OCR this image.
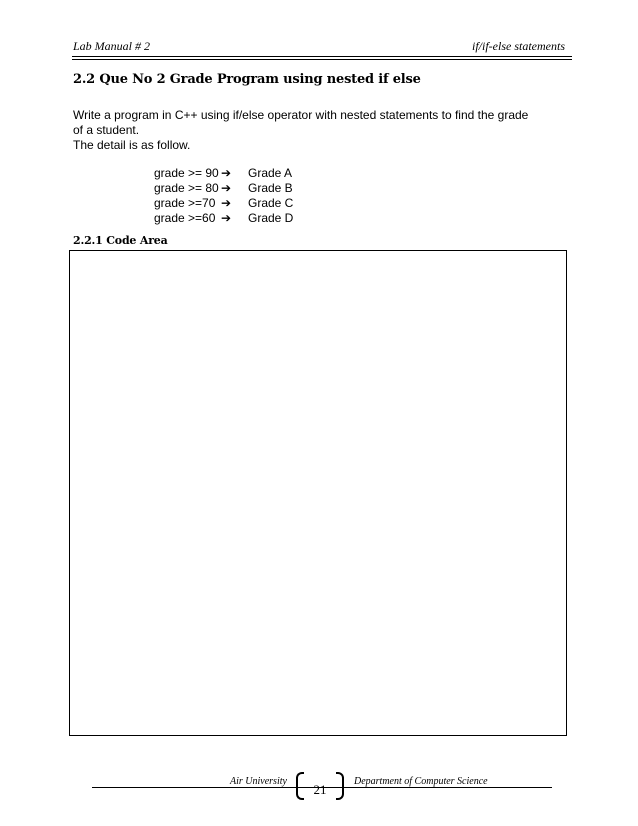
Lab Manual # 2	if/if-else statements
2.2 Que No 2 Grade Program using nested if else
Write a program in C++ using if/else operator with nested statements to find the grade
of a student.
The detail is as follow.
grade >= 90 ➔	Grade A
grade >= 80 ➔	Grade B
grade >=70 ➔	Grade C
grade >=60 ➔	Grade D
2.2.1 Code Area
Air University
21
Department of Computer Science
